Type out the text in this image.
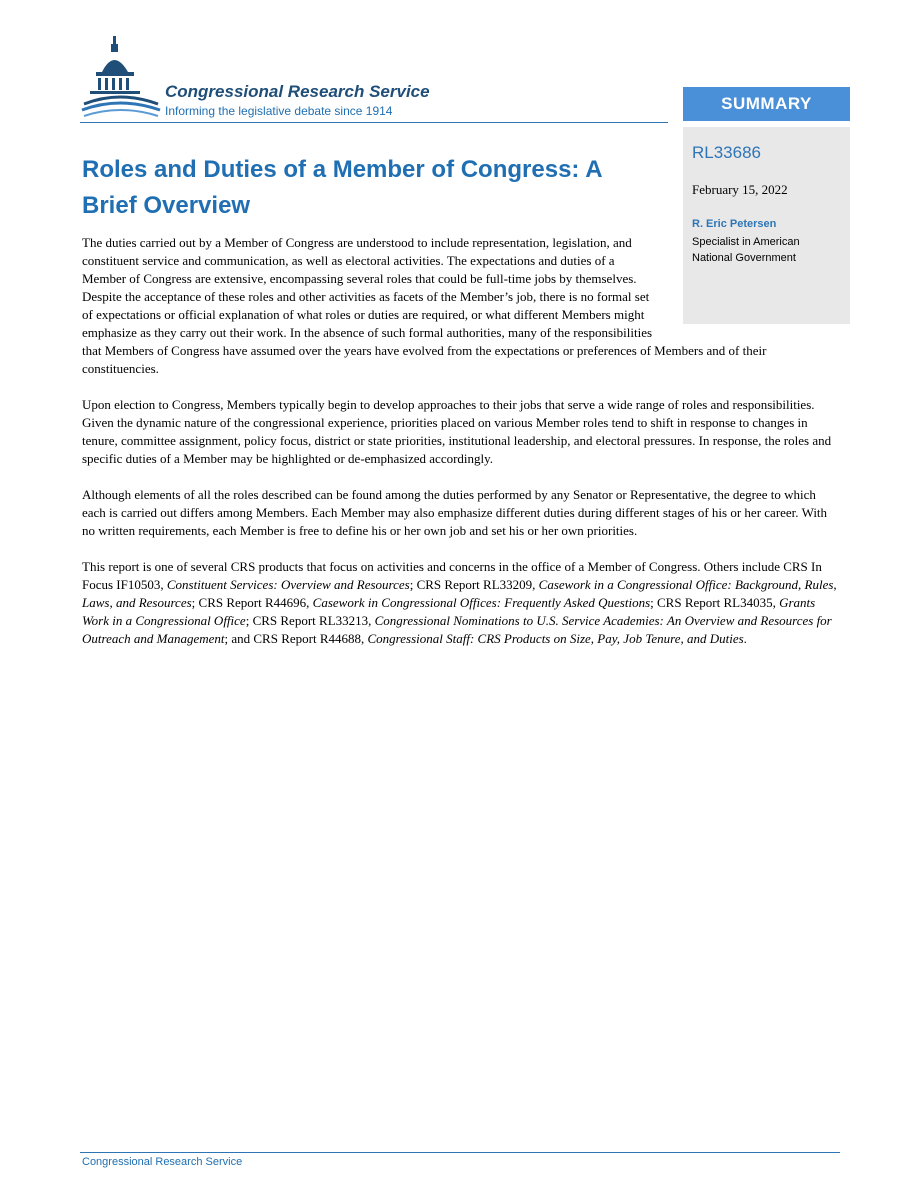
Congressional Research Service
Informing the legislative debate since 1914	SUMMARY
RL33686
February 15, 2022
R. Eric Petersen
Specialist in American National Government
Roles and Duties of a Member of Congress: A Brief Overview

The duties carried out by a Member of Congress are understood to include representation, legislation, and constituent service and communication, as well as electoral activities. The expectations and duties of a Member of Congress are extensive, encompassing several roles that could be full-time jobs by themselves. Despite the acceptance of these roles and other activities as facets of the Member’s job, there is no formal set of expectations or official explanation of what roles or duties are required, or what different Members might emphasize as they carry out their work. In the absence of such formal authorities, many of the responsibilities that Members of Congress have assumed over the years have evolved from the expectations or preferences of Members and of their constituencies.

Upon election to Congress, Members typically begin to develop approaches to their jobs that serve a wide range of roles and responsibilities. Given the dynamic nature of the congressional experience, priorities placed on various Member roles tend to shift in response to changes in tenure, committee assignment, policy focus, district or state priorities, institutional leadership, and electoral pressures. In response, the roles and specific duties of a Member may be highlighted or de-emphasized accordingly.

Although elements of all the roles described can be found among the duties performed by any Senator or Representative, the degree to which each is carried out differs among Members. Each Member may also emphasize different duties during different stages of his or her career. With no written requirements, each Member is free to define his or her own job and set his or her own priorities.

This report is one of several CRS products that focus on activities and concerns in the office of a Member of Congress. Others include CRS In Focus IF10503, Constituent Services: Overview and Resources; CRS Report RL33209, Casework in a Congressional Office: Background, Rules, Laws, and Resources; CRS Report R44696, Casework in Congressional Offices: Frequently Asked Questions; CRS Report RL34035, Grants Work in a Congressional Office; CRS Report RL33213, Congressional Nominations to U.S. Service Academies: An Overview and Resources for Outreach and Management; and CRS Report R44688, Congressional Staff: CRS Products on Size, Pay, Job Tenure, and Duties.

Congressional Research Service
